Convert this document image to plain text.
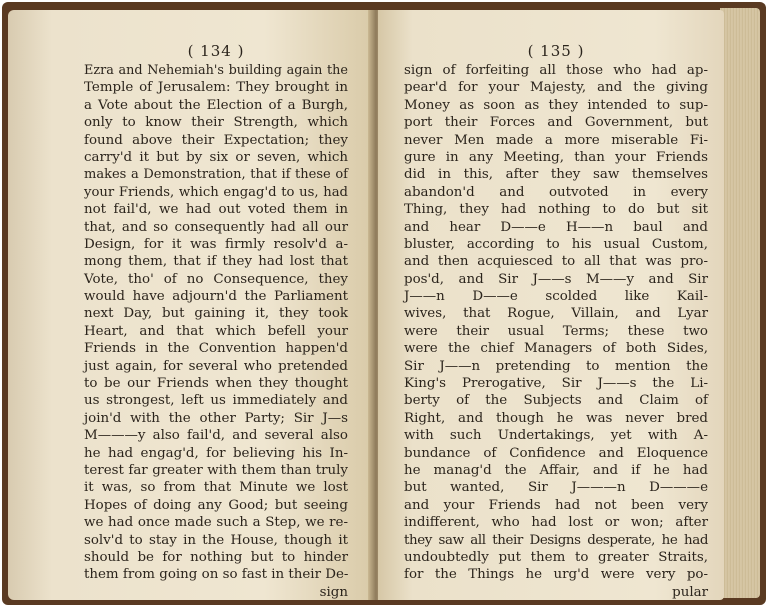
( 134 )
Ezra and Nehemiah's building again the
Temple of Jerusalem: They brought in
a Vote about the Election of a Burgh,
only to know their Strength, which
found above their Expectation; they
carry'd it but by six or seven, which
makes a Demonstration, that if these of
your Friends, which engag'd to us, had
not fail'd, we had out voted them in
that, and so consequently had all our
Design, for it was firmly resolv'd a-
mong them, that if they had lost that
Vote, tho' of no Consequence, they
would have adjourn'd the Parliament
next Day, but gaining it, they took
Heart, and that which befell your
Friends in the Convention happen'd
just again, for several who pretended
to be our Friends when they thought
us strongest, left us immediately and
join'd with the other Party; Sir J—s
M———y also fail'd, and several also
he had engag'd, for believing his In-
terest far greater with them than truly
it was, so from that Minute we lost
Hopes of doing any Good; but seeing
we had once made such a Step, we re-
solv'd to stay in the House, though it
should be for nothing but to hinder
them from going on so fast in their De-
sign
( 135 )
sign of forfeiting all those who had ap-
pear'd for your Majesty, and the giving
Money as soon as they intended to sup-
port their Forces and Government, but
never Men made a more miserable Fi-
gure in any Meeting, than your Friends
did in this, after they saw themselves
abandon'd and outvoted in every
Thing, they had nothing to do but sit
and hear D——e H——n baul and
bluster, according to his usual Custom,
and then acquiesced to all that was pro-
pos'd, and Sir J——s M——y and Sir
J——n D——e scolded like Kail-
wives, that Rogue, Villain, and Lyar
were their usual Terms; these two
were the chief Managers of both Sides,
Sir J——n pretending to mention the
King's Prerogative, Sir J——s the Li-
berty of the Subjects and Claim of
Right, and though he was never bred
with such Undertakings, yet with A-
bundance of Confidence and Eloquence
he manag'd the Affair, and if he had
but wanted, Sir J———n D———e
and your Friends had not been very
indifferent, who had lost or won; after
they saw all their Designs desperate, he had
undoubtedly put them to greater Straits,
for the Things he urg'd were very po-
pular
